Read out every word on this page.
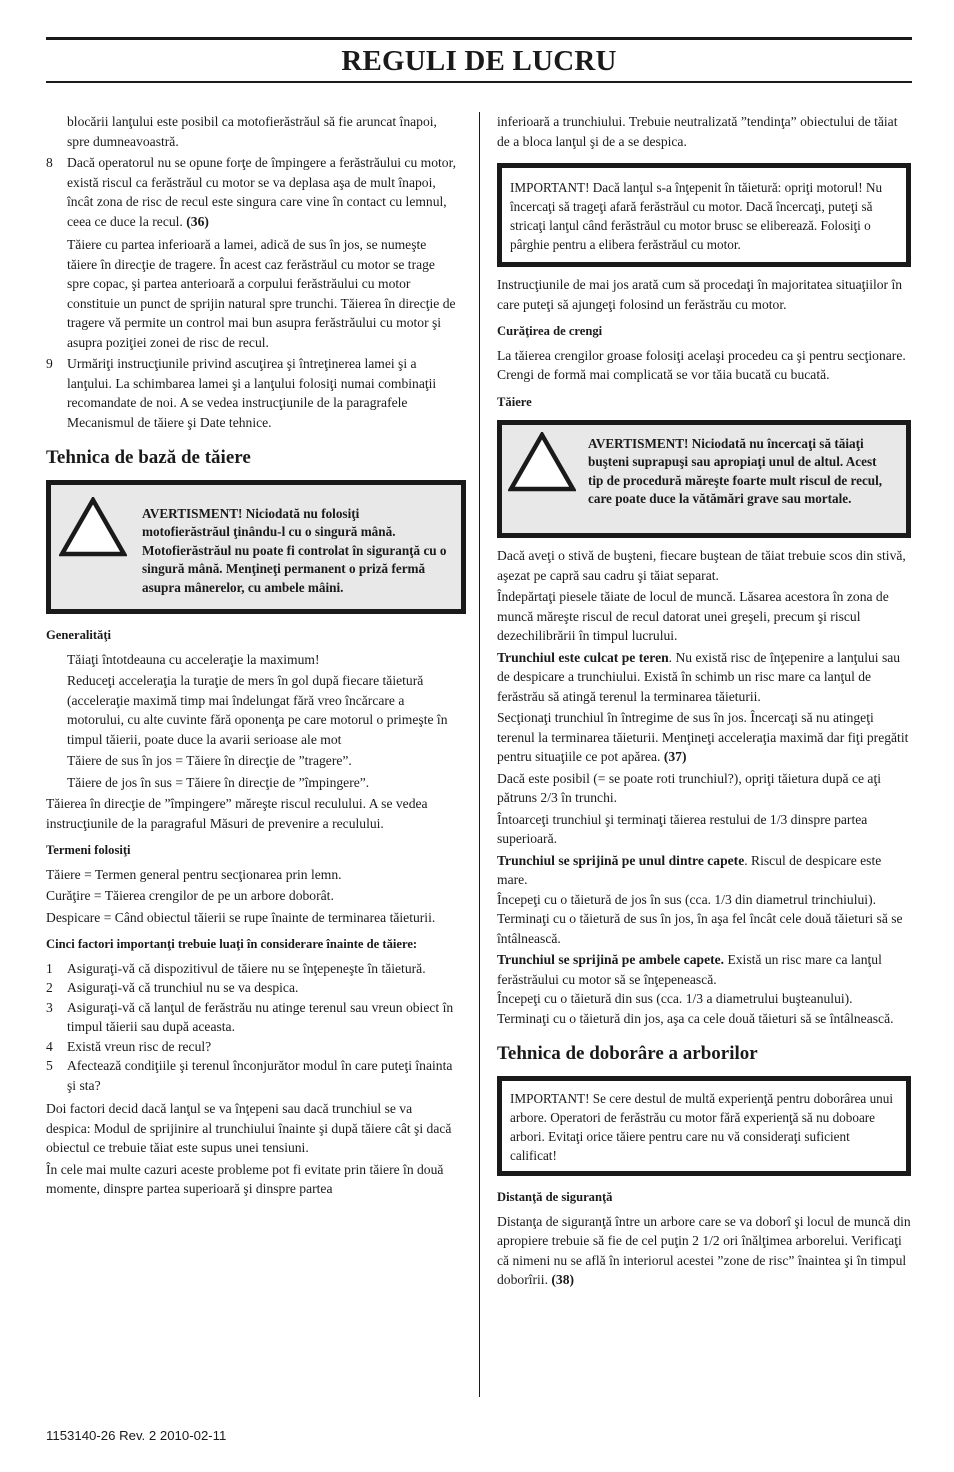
REGULI DE LUCRU

blocării lanţului este posibil ca motofierăstrăul să fie aruncat înapoi, spre dumneavoastră.

8 Dacă operatorul nu se opune forţe de împingere a ferăstrăului cu motor, există riscul ca ferăstrăul cu motor se va deplasa aşa de mult înapoi, încât zona de risc de recul este singura care vine în contact cu lemnul, ceea ce duce la recul. (36)

Tăiere cu partea inferioară a lamei, adică de sus în jos, se numeşte tăiere în direcţie de tragere. În acest caz ferăstrăul cu motor se trage spre copac, şi partea anterioară a corpului ferăstrăului cu motor constituie un punct de sprijin natural spre trunchi. Tăierea în direcţie de tragere vă permite un control mai bun asupra ferăstrăului cu motor şi asupra poziţiei zonei de risc de recul.

9 Urmăriţi instrucţiunile privind ascuţirea şi întreţinerea lamei şi a lanţului. La schimbarea lamei şi a lanţului folosiţi numai combinaţii recomandate de noi. A se vedea instrucţiunile de la paragrafele Mecanismul de tăiere şi Date tehnice.
Tehnica de bază de tăiere
AVERTISMENT! Niciodată nu folosiţi motofierăstrăul ţinându-l cu o singură mână. Motofierăstrăul nu poate fi controlat în siguranţă cu o singură mână. Menţineţi permanent o priză fermă asupra mânerelor, cu ambele mâini.

Generalităţi

Tăiaţi întotdeauna cu acceleraţie la maximum!

Reduceţi acceleraţia la turaţie de mers în gol după fiecare tăietură (acceleraţie maximă timp mai îndelungat fără vreo încărcare a motorului, cu alte cuvinte fără oponenţa pe care motorul o primeşte în timpul tăierii, poate duce la avarii serioase ale mot

Tăiere de sus în jos = Tăiere în direcţie de ”tragere”.

Tăiere de jos în sus = Tăiere în direcţie de ”împingere”.

Tăierea în direcţie de ”împingere” măreşte riscul reculului. A se vedea instrucţiunile de la paragraful Măsuri de prevenire a reculului.

Termeni folosiţi

Tăiere = Termen general pentru secţionarea prin lemn.

Curăţire = Tăierea crengilor de pe un arbore doborât.

Despicare = Când obiectul tăierii se rupe înainte de terminarea tăieturii.

Cinci factori importanţi trebuie luaţi în considerare înainte de tăiere:

1 Asiguraţi-vă că dispozitivul de tăiere nu se înţepeneşte în tăietură.
2 Asiguraţi-vă că trunchiul nu se va despica.
3 Asiguraţi-vă că lanţul de ferăstrău nu atinge terenul sau vreun obiect în timpul tăierii sau după aceasta.
4 Există vreun risc de recul?
5 Afectează condiţiile şi terenul înconjurător modul în care puteţi înainta şi sta?

Doi factori decid dacă lanţul se va înţepeni sau dacă trunchiul se va despica: Modul de sprijinire al trunchiului înainte şi după tăiere cât şi dacă obiectul ce trebuie tăiat este supus unei tensiuni.

În cele mai multe cazuri aceste probleme pot fi evitate prin tăiere în două momente, dinspre partea superioară şi dinspre partea

inferioară a trunchiului. Trebuie neutralizată ”tendinţa” obiectului de tăiat de a bloca lanţul şi de a se despica.

IMPORTANT! Dacă lanţul s-a înţepenit în tăietură: opriţi motorul! Nu încercaţi să trageţi afară ferăstrăul cu motor. Dacă încercaţi, puteţi să stricaţi lanţul când ferăstrăul cu motor brusc se eliberează. Folosiţi o pârghie pentru a elibera ferăstrăul cu motor.

Instrucţiunile de mai jos arată cum să procedaţi în majoritatea situaţiilor în care puteţi să ajungeţi folosind un ferăstrău cu motor.

Curăţirea de crengi

La tăierea crengilor groase folosiţi acelaşi procedeu ca şi pentru secţionare.

Crengi de formă mai complicată se vor tăia bucată cu bucată.

Tăiere

AVERTISMENT! Niciodată nu încercaţi să tăiaţi buşteni suprapuşi sau apropiaţi unul de altul. Acest tip de procedură măreşte foarte mult riscul de recul, care poate duce la vătămări grave sau mortale.

Dacă aveţi o stivă de buşteni, fiecare buştean de tăiat trebuie scos din stivă, aşezat pe capră sau cadru şi tăiat separat.

Îndepărtaţi piesele tăiate de locul de muncă. Lăsarea acestora în zona de muncă măreşte riscul de recul datorat unei greşeli, precum şi riscul dezechilibrării în timpul lucrului.

Trunchiul este culcat pe teren. Nu există risc de înţepenire a lanţului sau de despicare a trunchiului. Există în schimb un risc mare ca lanţul de ferăstrău să atingă terenul la terminarea tăieturii.

Secţionaţi trunchiul în întregime de sus în jos. Încercaţi să nu atingeţi terenul la terminarea tăieturii. Menţineţi acceleraţia maximă dar fiţi pregătit pentru situaţiile ce pot apărea. (37)

Dacă este posibil (= se poate roti trunchiul?), opriţi tăietura după ce aţi pătruns 2/3 în trunchi.

Întoarceţi trunchiul şi terminaţi tăierea restului de 1/3 dinspre partea superioară.

Trunchiul se sprijină pe unul dintre capete. Riscul de despicare este mare.

Începeţi cu o tăietură de jos în sus (cca. 1/3 din diametrul trinchiului).

Terminaţi cu o tăietură de sus în jos, în aşa fel încât cele două tăieturi să se întâlnească.

Trunchiul se sprijină pe ambele capete. Există un risc mare ca lanţul ferăstrăului cu motor să se înţepenească.

Începeţi cu o tăietură din sus (cca. 1/3 a diametrului buşteanului).

Terminaţi cu o tăietură din jos, aşa ca cele două tăieturi să se întâlnească.

Tehnica de doborâre a arborilor
IMPORTANT! Se cere destul de multă experienţă pentru doborârea unui arbore. Operatori de ferăstrău cu motor fără experienţă să nu doboare arbori. Evitaţi orice tăiere pentru care nu vă consideraţi suficient calificat!

Distanţă de siguranţă

Distanţa de siguranţă între un arbore care se va doborî şi locul de muncă din apropiere trebuie să fie de cel puţin 2 1/2 ori înălţimea arborelui. Verificaţi că nimeni nu se află în interiorul acestei ”zone de risc” înaintea şi în timpul doborîrii. (38)

1153140-26 Rev. 2 2010-02-11
